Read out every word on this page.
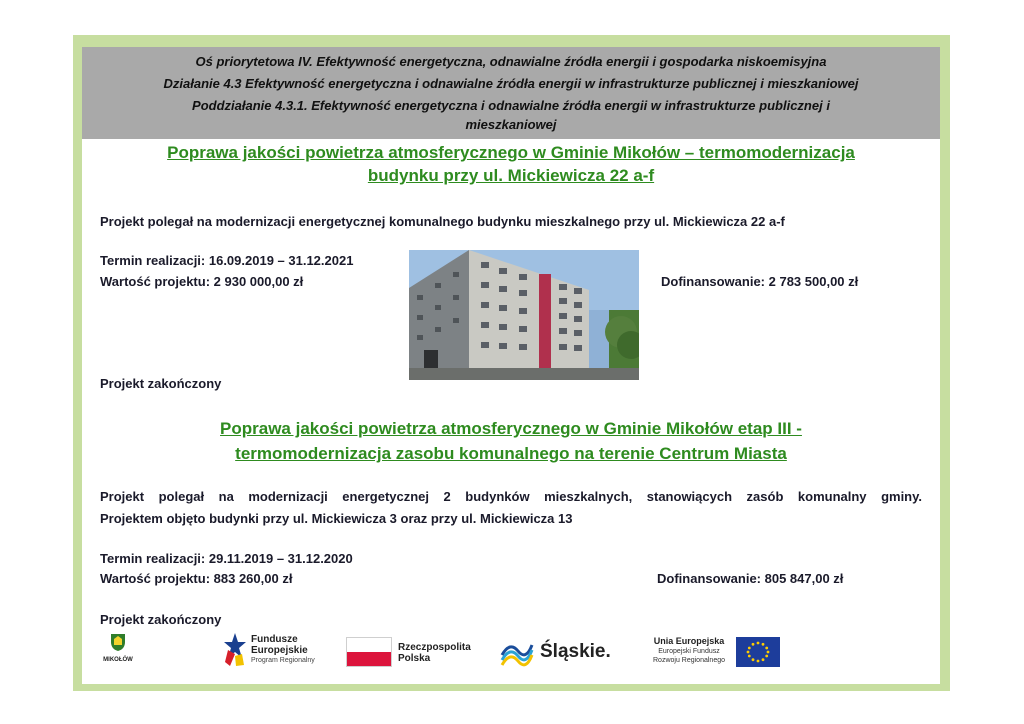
Oś priorytetowa IV. Efektywność energetyczna, odnawialne źródła energii i gospodarka niskoemisyjna
Działanie 4.3 Efektywność energetyczna i odnawialne źródła energii w infrastrukturze publicznej i mieszkaniowej
Poddziałanie 4.3.1. Efektywność energetyczna i odnawialne źródła energii w infrastrukturze publicznej i
mieszkaniowej
Poprawa jakości powietrza atmosferycznego w Gminie Mikołów – termomodernizacja
budynku przy ul. Mickiewicza 22 a-f
Projekt polegał na modernizacji energetycznej komunalnego budynku mieszkalnego przy ul. Mickiewicza 22 a-f
Termin realizacji: 16.09.2019 – 31.12.2021
Wartość projektu: 2 930 000,00 zł	Dofinansowanie: 2 783 500,00 zł
Projekt zakończony
Poprawa jakości powietrza atmosferycznego w Gminie Mikołów etap III -
termomodernizacja zasobu komunalnego na terenie Centrum Miasta
Projekt polegał na modernizacji energetycznej 2 budynków mieszkalnych, stanowiących zasób komunalny gminy.
Projektem objęto budynki przy ul. Mickiewicza 3 oraz przy ul. Mickiewicza 13
Termin realizacji: 29.11.2019 – 31.12.2020
Wartość projektu: 883 260,00 zł	Dofinansowanie: 805 847,00 zł
Projekt zakończony
MIKOŁÓW
Fundusze
Europejskie
Program Regionalny
Rzeczpospolita
Polska	Śląskie.	Unia Europejska
Europejski Fundusz
Rozwoju Regionalnego
